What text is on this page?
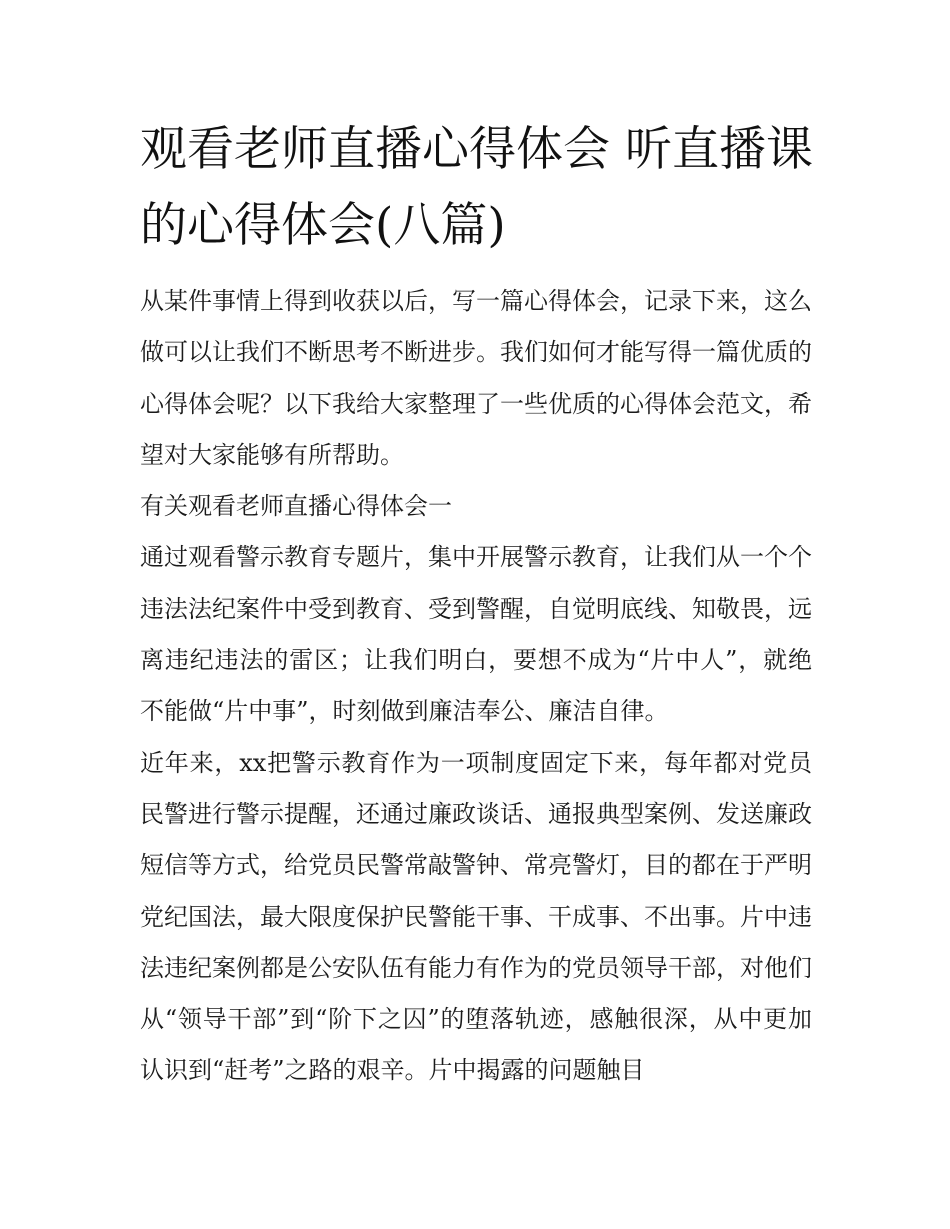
观看老师直播心得体会 听直播课的心得体会(八篇)

从某件事情上得到收获以后，写一篇心得体会，记录下来，这么做可以让我们不断思考不断进步。我们如何才能写得一篇优质的心得体会呢？以下我给大家整理了一些优质的心得体会范文，希望对大家能够有所帮助。

有关观看老师直播心得体会一

通过观看警示教育专题片，集中开展警示教育，让我们从一个个违法法纪案件中受到教育、受到警醒，自觉明底线、知敬畏，远离违纪违法的雷区；让我们明白，要想不成为“片中人”，就绝不能做“片中事”，时刻做到廉洁奉公、廉洁自律。

近年来，xx把警示教育作为一项制度固定下来，每年都对党员民警进行警示提醒，还通过廉政谈话、通报典型案例、发送廉政短信等方式，给党员民警常敲警钟、常亮警灯，目的都在于严明党纪国法，最大限度保护民警能干事、干成事、不出事。片中违法违纪案例都是公安队伍有能力有作为的党员领导干部，对他们从“领导干部”到“阶下之囚”的堕落轨迹，感触很深，从中更加认识到“赶考”之路的艰辛。片中揭露的问题触目
